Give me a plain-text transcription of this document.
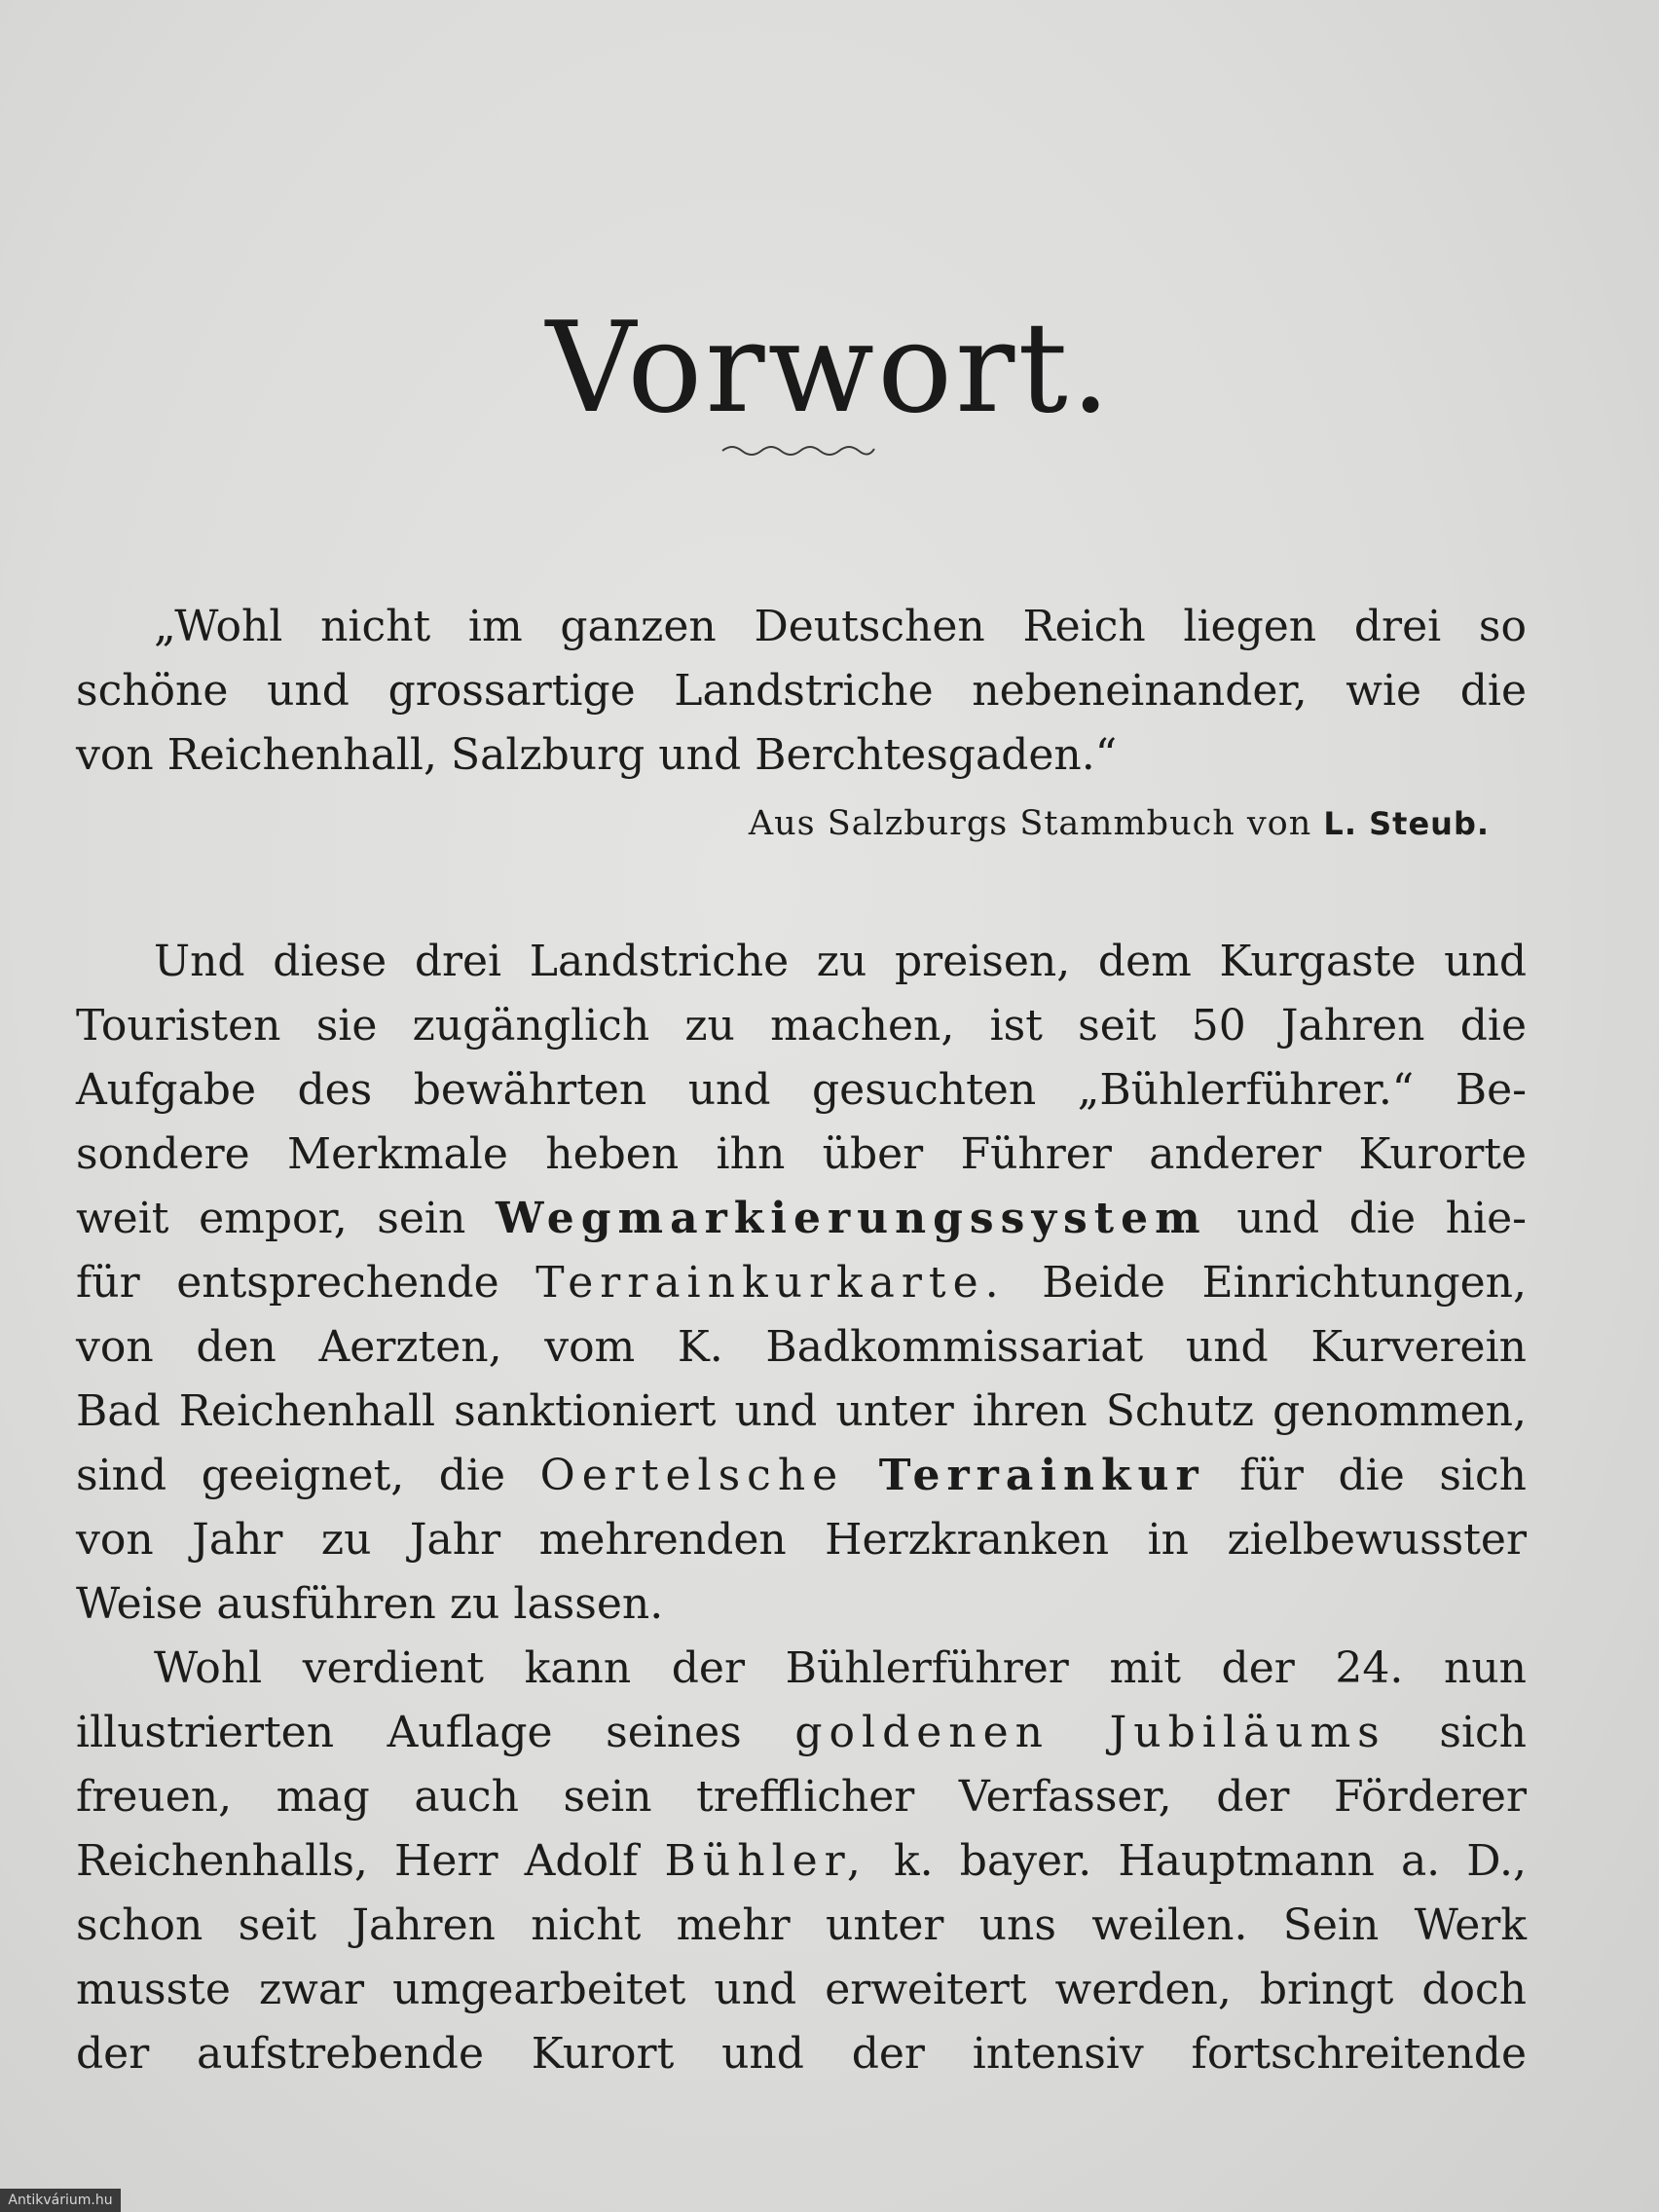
Vorwort.
„Wohl nicht im ganzen Deutschen Reich liegen drei so
schöne und grossartige Landstriche nebeneinander, wie die
von Reichenhall, Salzburg und Berchtesgaden.“
Aus Salzburgs Stammbuch von L. Steub.
Und diese drei Landstriche zu preisen, dem Kurgaste und
Touristen sie zugänglich zu machen, ist seit 50 Jahren die
Aufgabe des bewährten und gesuchten „Bühlerführer.“ Be-
sondere Merkmale heben ihn über Führer anderer Kurorte
weit empor, sein Wegmarkierungssystem und die hie-
für entsprechende Terrainkurkarte. Beide Einrichtungen,
von den Aerzten, vom K. Badkommissariat und Kurverein
Bad Reichenhall sanktioniert und unter ihren Schutz genommen,
sind geeignet, die Oertelsche Terrainkur für die sich
von Jahr zu Jahr mehrenden Herzkranken in zielbewusster
Weise ausführen zu lassen.
Wohl verdient kann der Bühlerführer mit der 24. nun
illustrierten Auflage seines goldenen Jubiläums sich
freuen, mag auch sein trefflicher Verfasser, der Förderer
Reichenhalls, Herr Adolf Bühler, k. bayer. Hauptmann a. D.,
schon seit Jahren nicht mehr unter uns weilen. Sein Werk
musste zwar umgearbeitet und erweitert werden, bringt doch
der aufstrebende Kurort und der intensiv fortschreitende
Antikvárium.hu
